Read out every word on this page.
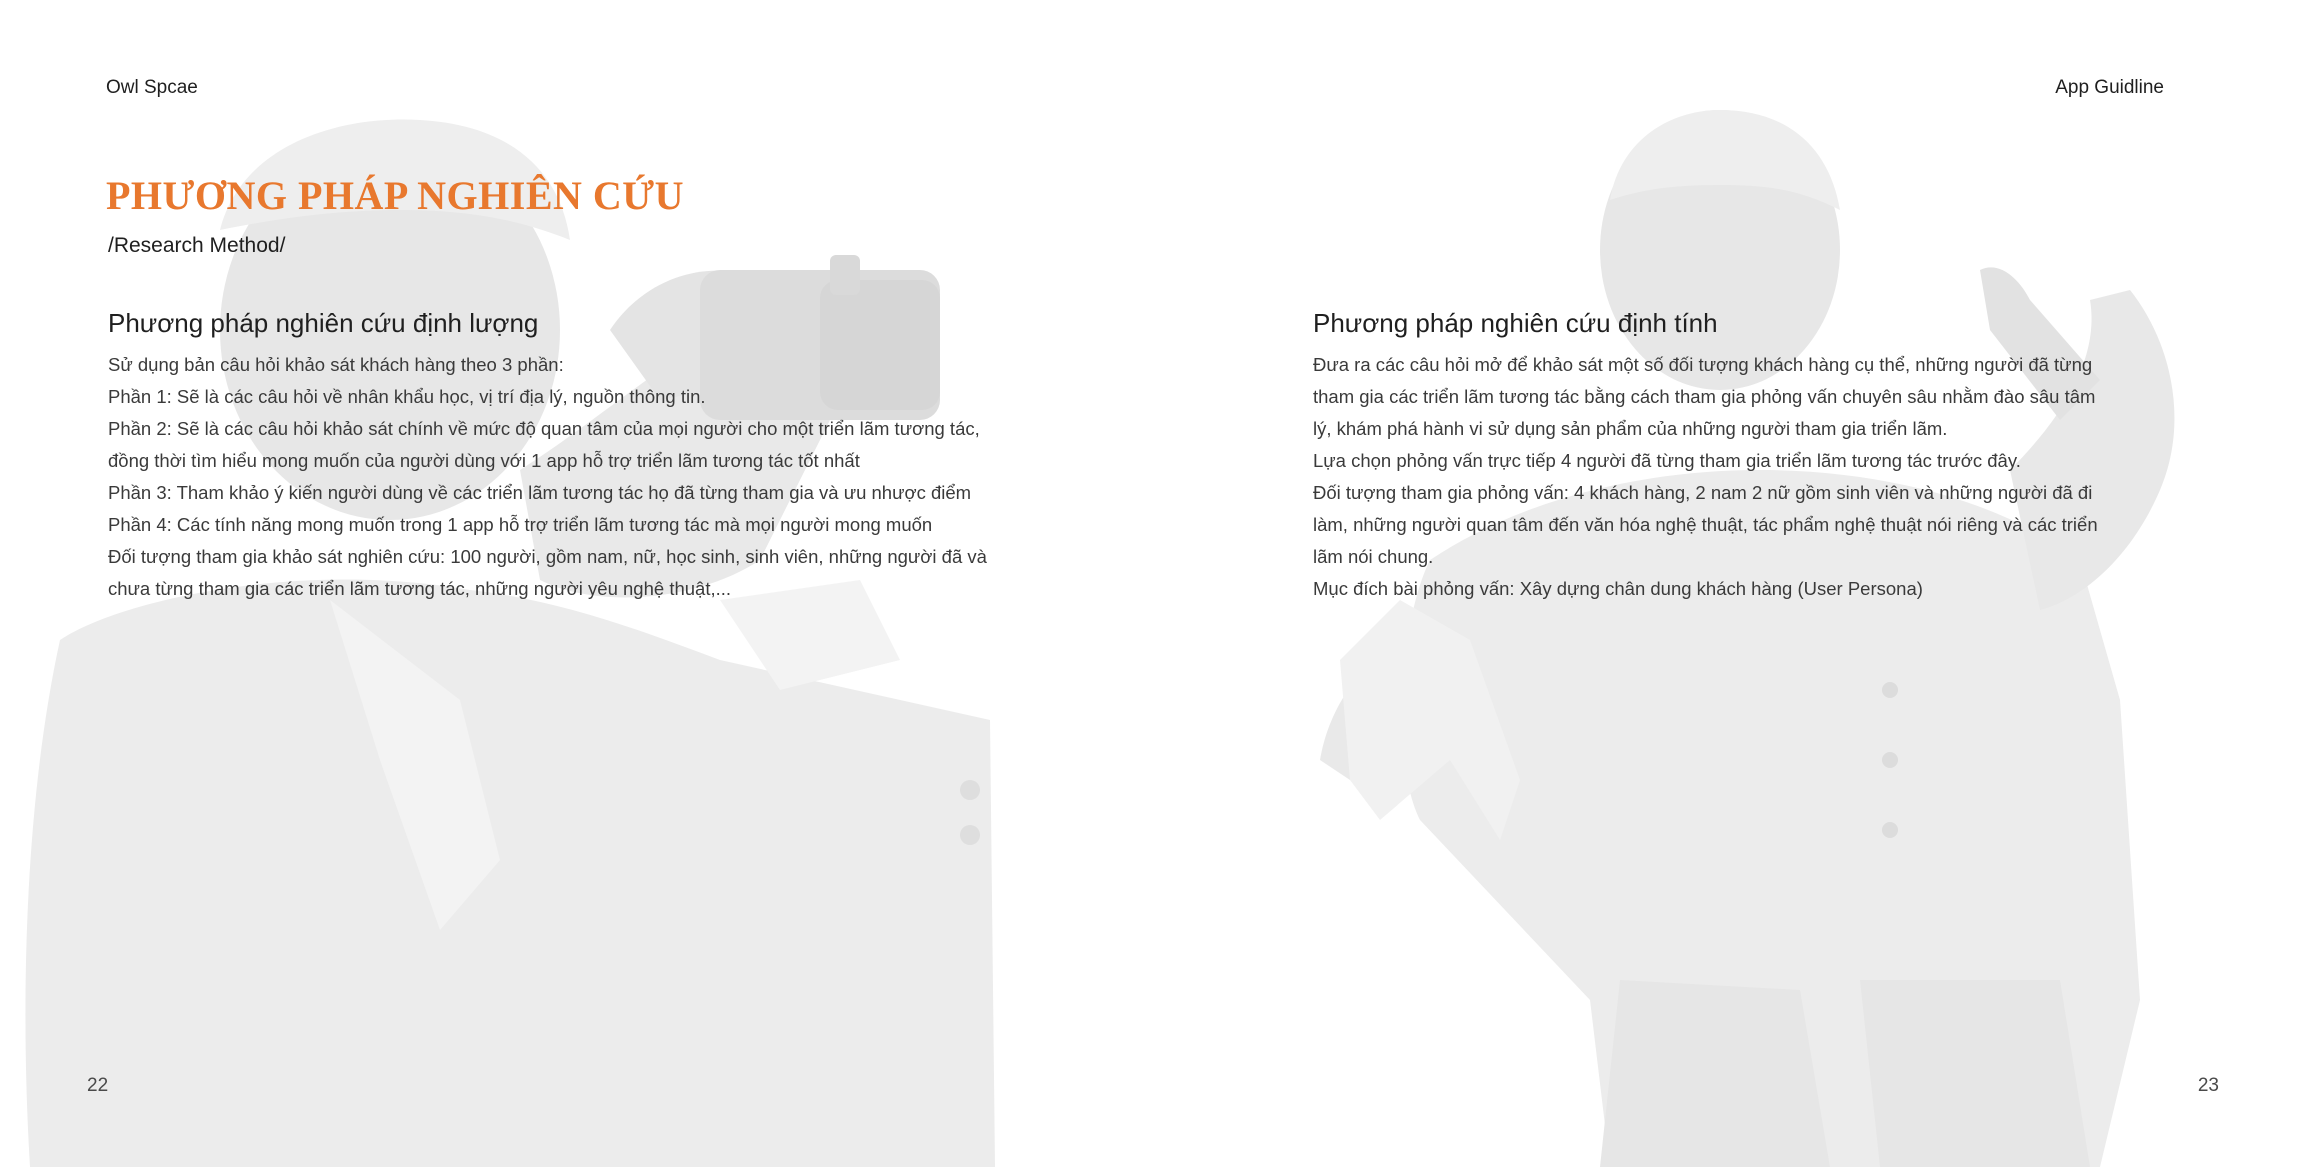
Owl Spcae	App Guidline
PHƯƠNG PHÁP NGHIÊN CỨU
/Research Method/
Phương pháp nghiên cứu định lượng
Sử dụng bản câu hỏi khảo sát khách hàng theo 3 phần:
Phần 1: Sẽ là các câu hỏi về nhân khẩu học, vị trí địa lý, nguồn thông tin.
Phần 2: Sẽ là các câu hỏi khảo sát chính về mức độ quan tâm của mọi người cho một triển lãm tương tác,
đồng thời tìm hiểu mong muốn của người dùng với 1 app hỗ trợ triển lãm tương tác tốt nhất
Phần 3: Tham khảo ý kiến người dùng về các triển lãm tương tác họ đã từng tham gia và ưu nhược điểm
Phần 4: Các tính năng mong muốn trong 1 app hỗ trợ triển lãm tương tác mà mọi người mong muốn
Đối tượng tham gia khảo sát nghiên cứu: 100 người, gồm nam, nữ, học sinh, sinh viên, những người đã và
chưa từng tham gia các triển lãm tương tác, những người yêu nghệ thuật,...
Phương pháp nghiên cứu định tính
Đưa ra các câu hỏi mở để khảo sát một số đối tượng khách hàng cụ thể, những người đã từng
tham gia các triển lãm tương tác bằng cách tham gia phỏng vấn chuyên sâu nhằm đào sâu tâm
lý, khám phá hành vi sử dụng sản phẩm của những người tham gia triển lãm.
Lựa chọn phỏng vấn trực tiếp 4 người đã từng tham gia triển lãm tương tác trước đây.
Đối tượng tham gia phỏng vấn: 4 khách hàng, 2 nam 2 nữ gồm sinh viên và những người đã đi
làm, những người quan tâm đến văn hóa nghệ thuật, tác phẩm nghệ thuật nói riêng và các triển
lãm nói chung.
Mục đích bài phỏng vấn: Xây dựng chân dung khách hàng (User Persona)
22	23
